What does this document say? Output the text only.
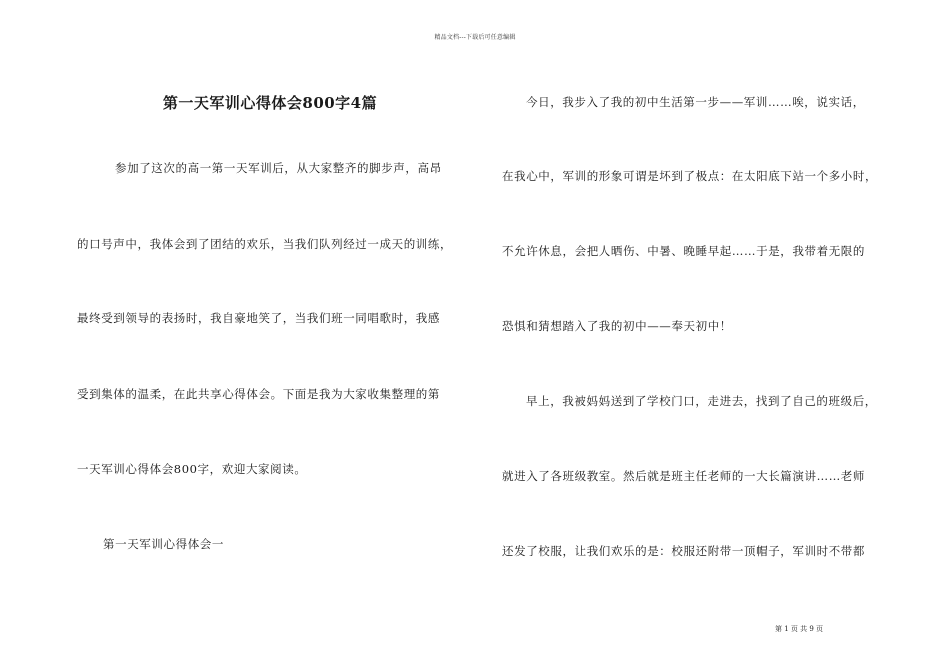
精品文档---下载后可任意编辑
第一天军训心得体会800字4篇
参加了这次的高一第一天军训后，从大家整齐的脚步声，高昂
的口号声中，我体会到了团结的欢乐，当我们队列经过一成天的训练，
最终受到领导的表扬时，我自豪地笑了，当我们班一同唱歌时，我感
受到集体的温柔，在此共享心得体会。下面是我为大家收集整理的第
一天军训心得体会800字，欢迎大家阅读。
第一天军训心得体会一
今日，我步入了我的初中生活第一步——军训……唉，说实话，
在我心中，军训的形象可谓是坏到了极点：在太阳底下站一个多小时，
不允许休息，会把人晒伤、中暑、晚睡早起……于是，我带着无限的
恐惧和猜想踏入了我的初中——奉天初中！
早上，我被妈妈送到了学校门口，走进去，找到了自己的班级后，
就进入了各班级教室。然后就是班主任老师的一大长篇演讲……老师
还发了校服，让我们欢乐的是：校服还附带一顶帽子，军训时不带都
第 1 页 共 9 页
